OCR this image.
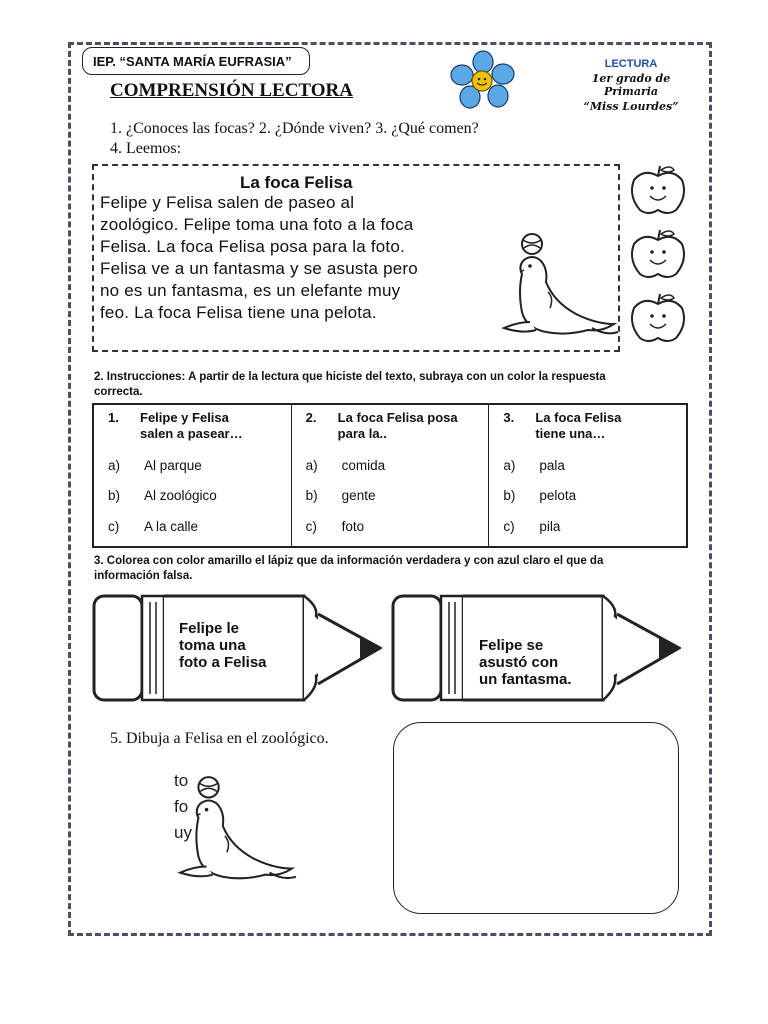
IEP. “SANTA MARÍA EUFRASIA”
COMPRENSIÓN LECTORA
LECTURA
1er grado de Primaria
“Miss Lourdes”
1. ¿Conoces las focas? 2. ¿Dónde viven? 3. ¿Qué comen?
4. Leemos:
La foca Felisa
Felipe y Felisa salen de paseo al
zoológico. Felipe toma una foto a la foca
Felisa. La foca Felisa posa para la foto.
Felisa ve a un fantasma y se asusta pero
no es un fantasma, es un elefante muy
feo. La foca Felisa tiene una pelota.
2. Instrucciones: A partir de la lectura que hiciste del texto, subraya con un color la respuesta
correcta.
1.	Felipe y Felisa
salen a pasear…
a)	Al parque
b)	Al zoológico
c)	A la calle
2.	La foca Felisa posa
para la..
a)	comida
b)	gente
c)	foto
3.	La foca Felisa
tiene una…
a)	pala
b)	pelota
c)	pila
3. Colorea con color amarillo el lápiz que da información verdadera y con azul claro el que da
información falsa.
Felipe le
toma una
foto a Felisa
Felipe se
asustó con
un fantasma.
5. Dibuja a Felisa en el zoológico.
to
fo
uy
